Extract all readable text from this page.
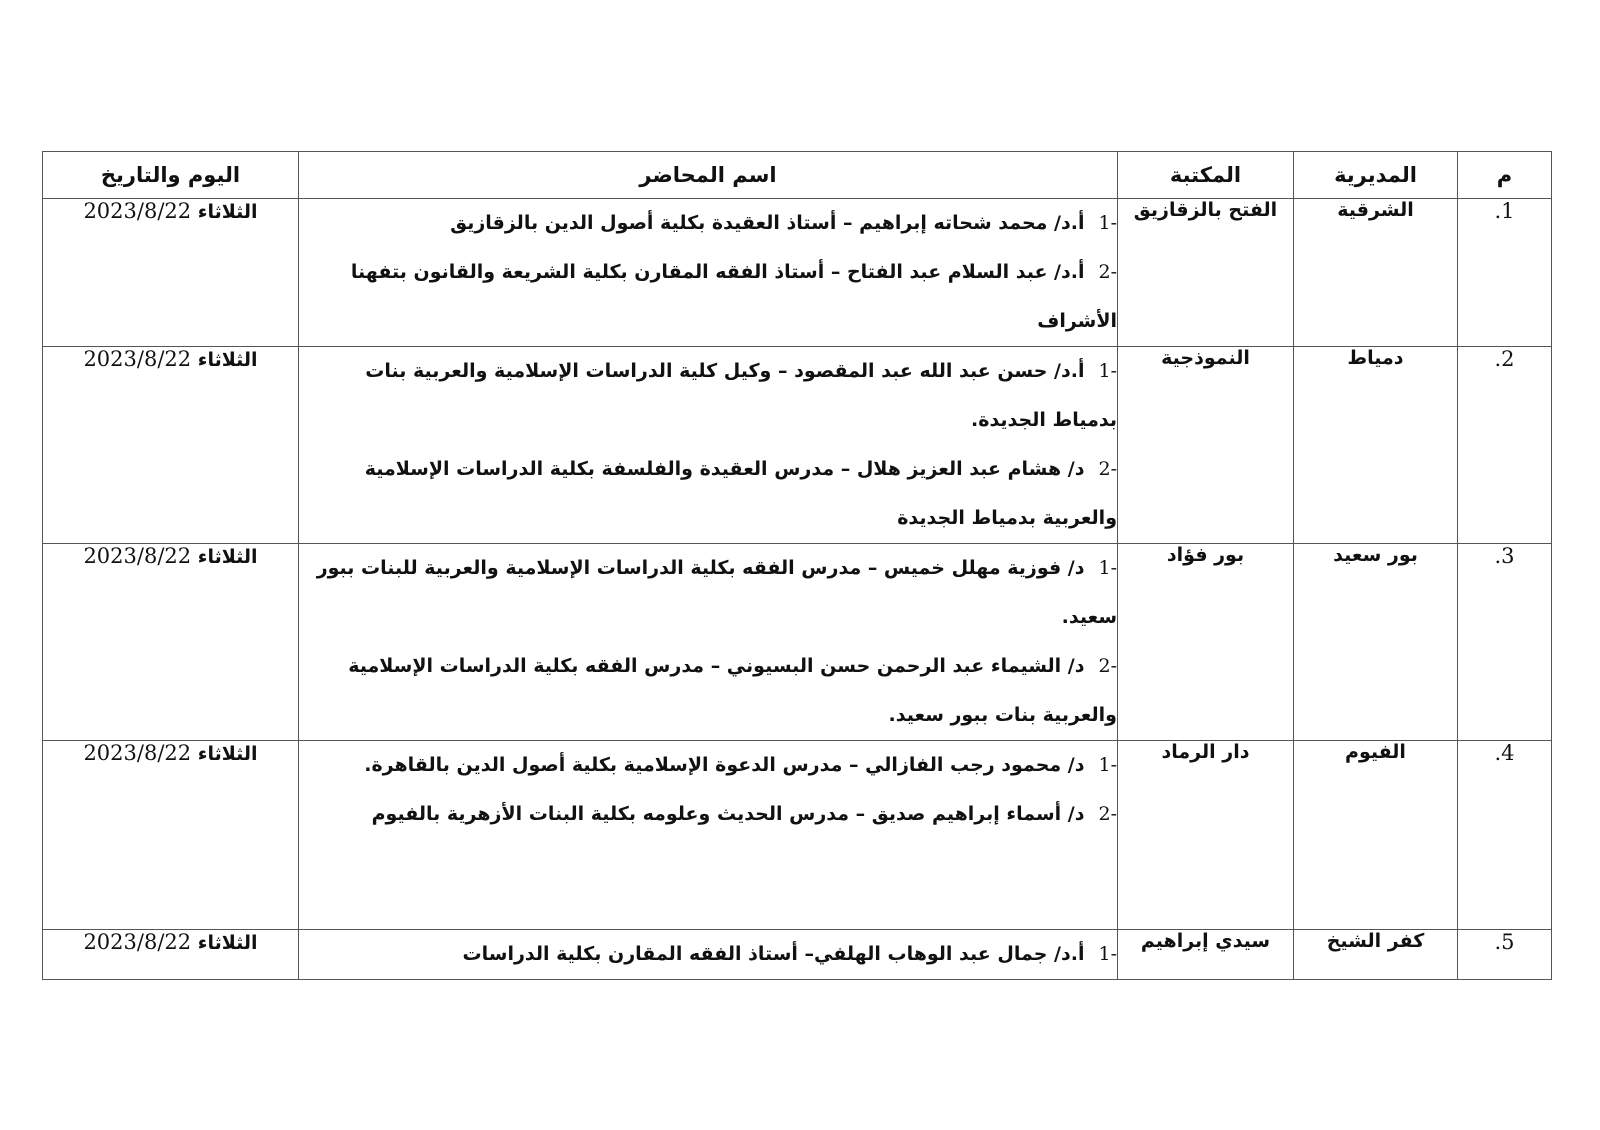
م	المديرية	المكتبة	اسم المحاضر	اليوم والتاريخ
1.	الشرقية	الفتح بالزقازيق	-1أ.د/ محمد شحاته إبراهيم – أستاذ العقيدة بكلية أصول الدين بالزقازيق
-2أ.د/ عبد السلام عبد الفتاح – أستاذ الفقه المقارن بكلية الشريعة والقانون بتفهنا الأشراف	الثلاثاء 2023/8/22
2.	دمياط	النموذجية	-1أ.د/ حسن عبد الله عبد المقصود – وكيل كلية الدراسات الإسلامية والعربية بنات بدمياط الجديدة.
-2د/ هشام عبد العزيز هلال – مدرس العقيدة والفلسفة بكلية الدراسات الإسلامية والعربية بدمياط الجديدة	الثلاثاء 2023/8/22
3.	بور سعيد	بور فؤاد	-1د/ فوزية مهلل خميس – مدرس الفقه بكلية الدراسات الإسلامية والعربية للبنات ببور سعيد.
-2د/ الشيماء عبد الرحمن حسن البسيوني – مدرس الفقه بكلية الدراسات الإسلامية والعربية بنات ببور سعيد.	الثلاثاء 2023/8/22
4.	الفيوم	دار الرماد	-1د/ محمود رجب الفازالي – مدرس الدعوة الإسلامية بكلية أصول الدين بالقاهرة.
-2د/ أسماء إبراهيم صديق – مدرس الحديث وعلومه بكلية البنات الأزهرية بالفيوم	الثلاثاء 2023/8/22
5.	كفر الشيخ	سيدي إبراهيم	-1أ.د/ جمال عبد الوهاب الهلفي– أستاذ الفقه المقارن بكلية الدراسات	الثلاثاء 2023/8/22
